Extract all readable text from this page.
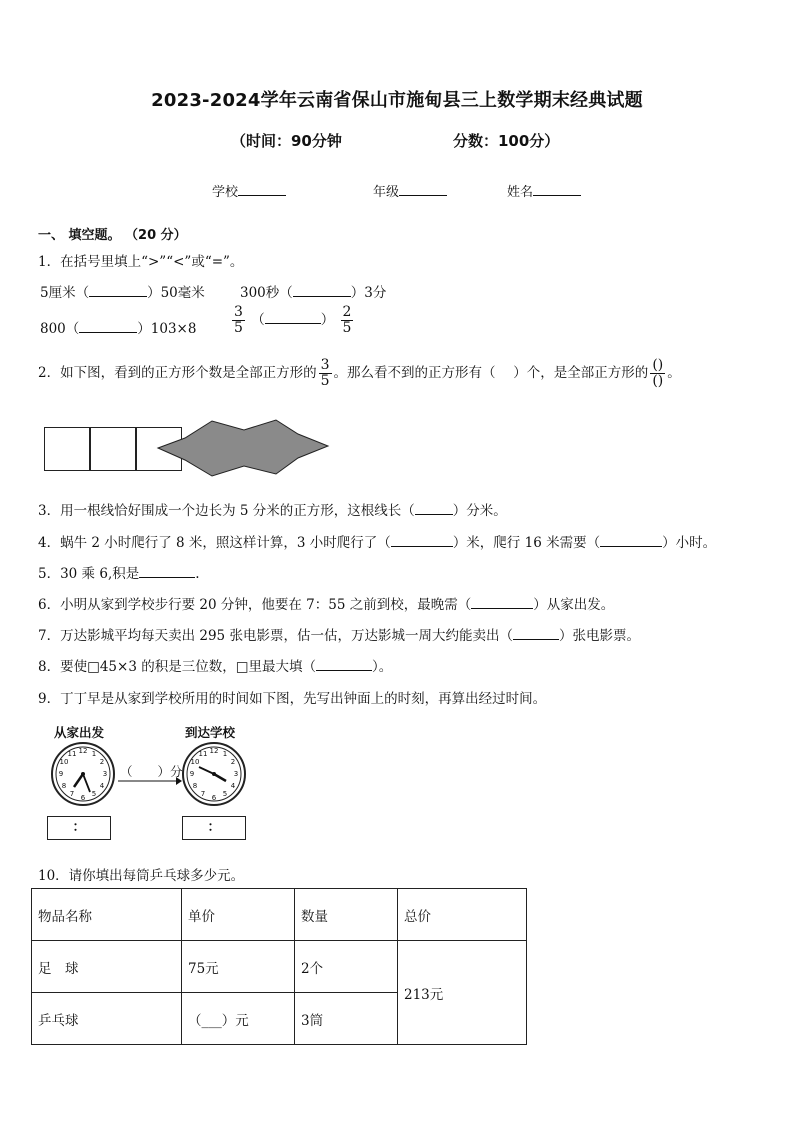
2023-2024学年云南省保山市施甸县三上数学期末经典试题
（时间：90分钟	分数：100分）
学校	年级	姓名
一、 填空题。 （20 分）
1．在括号里填上“>”“<”或“=”。
5厘米（	）50毫米	300秒（	）3分
800（	）103×8	$\frac{3}{5}$ （	） $\frac{2}{5}$
2．如下图，看到的正方形个数是全部正方形的 $\frac{3}{5}$ 。那么看不到的正方形有（　 ）个，是全部正方形的 $\frac{()}{()}$ 。
3．用一根线恰好围成一个边长为 5 分米的正方形，这根线长（	）分米。
4．蜗牛 2 小时爬行了 8 米，照这样计算，3 小时爬行了（	）米，爬行 16 米需要（	）小时。
5．30 乘 6,积是	.
6．小明从家到学校步行要 20 分钟，他要在 7：55 之前到校，最晚需（	）从家出发。
7．万达影城平均每天卖出 295 张电影票，估一估，万达影城一周大约能卖出（	）张电影票。
8．要使□45×3 的积是三位数，□里最大填（	）。
9．丁丁早是从家到学校所用的时间如下图，先写出钟面上的时刻，再算出经过时间。
从家出发	到达学校
12 1
2
3
4
5
6
7
8
9
10
11
（　　）分
12 1
2
3
4
5
6
7
8
9
10
11
：	：
10．请你填出每筒乒乓球多少元。
物品名称	单价	数量	总价
足　球	75元	2个	213元
乒乓球	（___）元	3筒	
